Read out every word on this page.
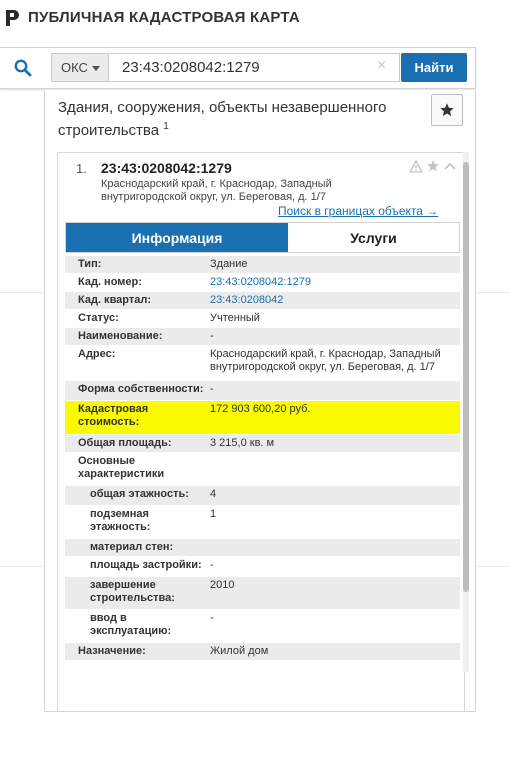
ПУБЛИЧНАЯ КАДАСТРОВАЯ КАРТА
ОКС
23:43:0208042:1279	×	Найти
Здания, сооружения, объекты незавершенного строительства $^1$
1. 23:43:0208042:1279
Краснодарский край, г. Краснодар, Западный внутригородской округ, ул. Береговая, д. 1/7
Поиск в границах объекта →
Информация	Услуги
Тип:	Здание
Кад. номер:	23:43:0208042:1279
Кад. квартал:	23:43:0208042
Статус:	Учтенный
Наименование:	-
Адрес:	Краснодарский край, г. Краснодар, Западный внутригородской округ, ул. Береговая, д. 1/7
Форма собственности: -
Кадастровая стоимость:
172 903 600,20 руб.
Общая площадь:	3 215,0 кв. м
Основные характеристики
общая этажность:	4
подземная этажность:
1
материал стен:
площадь застройки: -
завершение строительства:
2010
ввод в эксплуатацию:
-
Назначение:	Жилой дом
